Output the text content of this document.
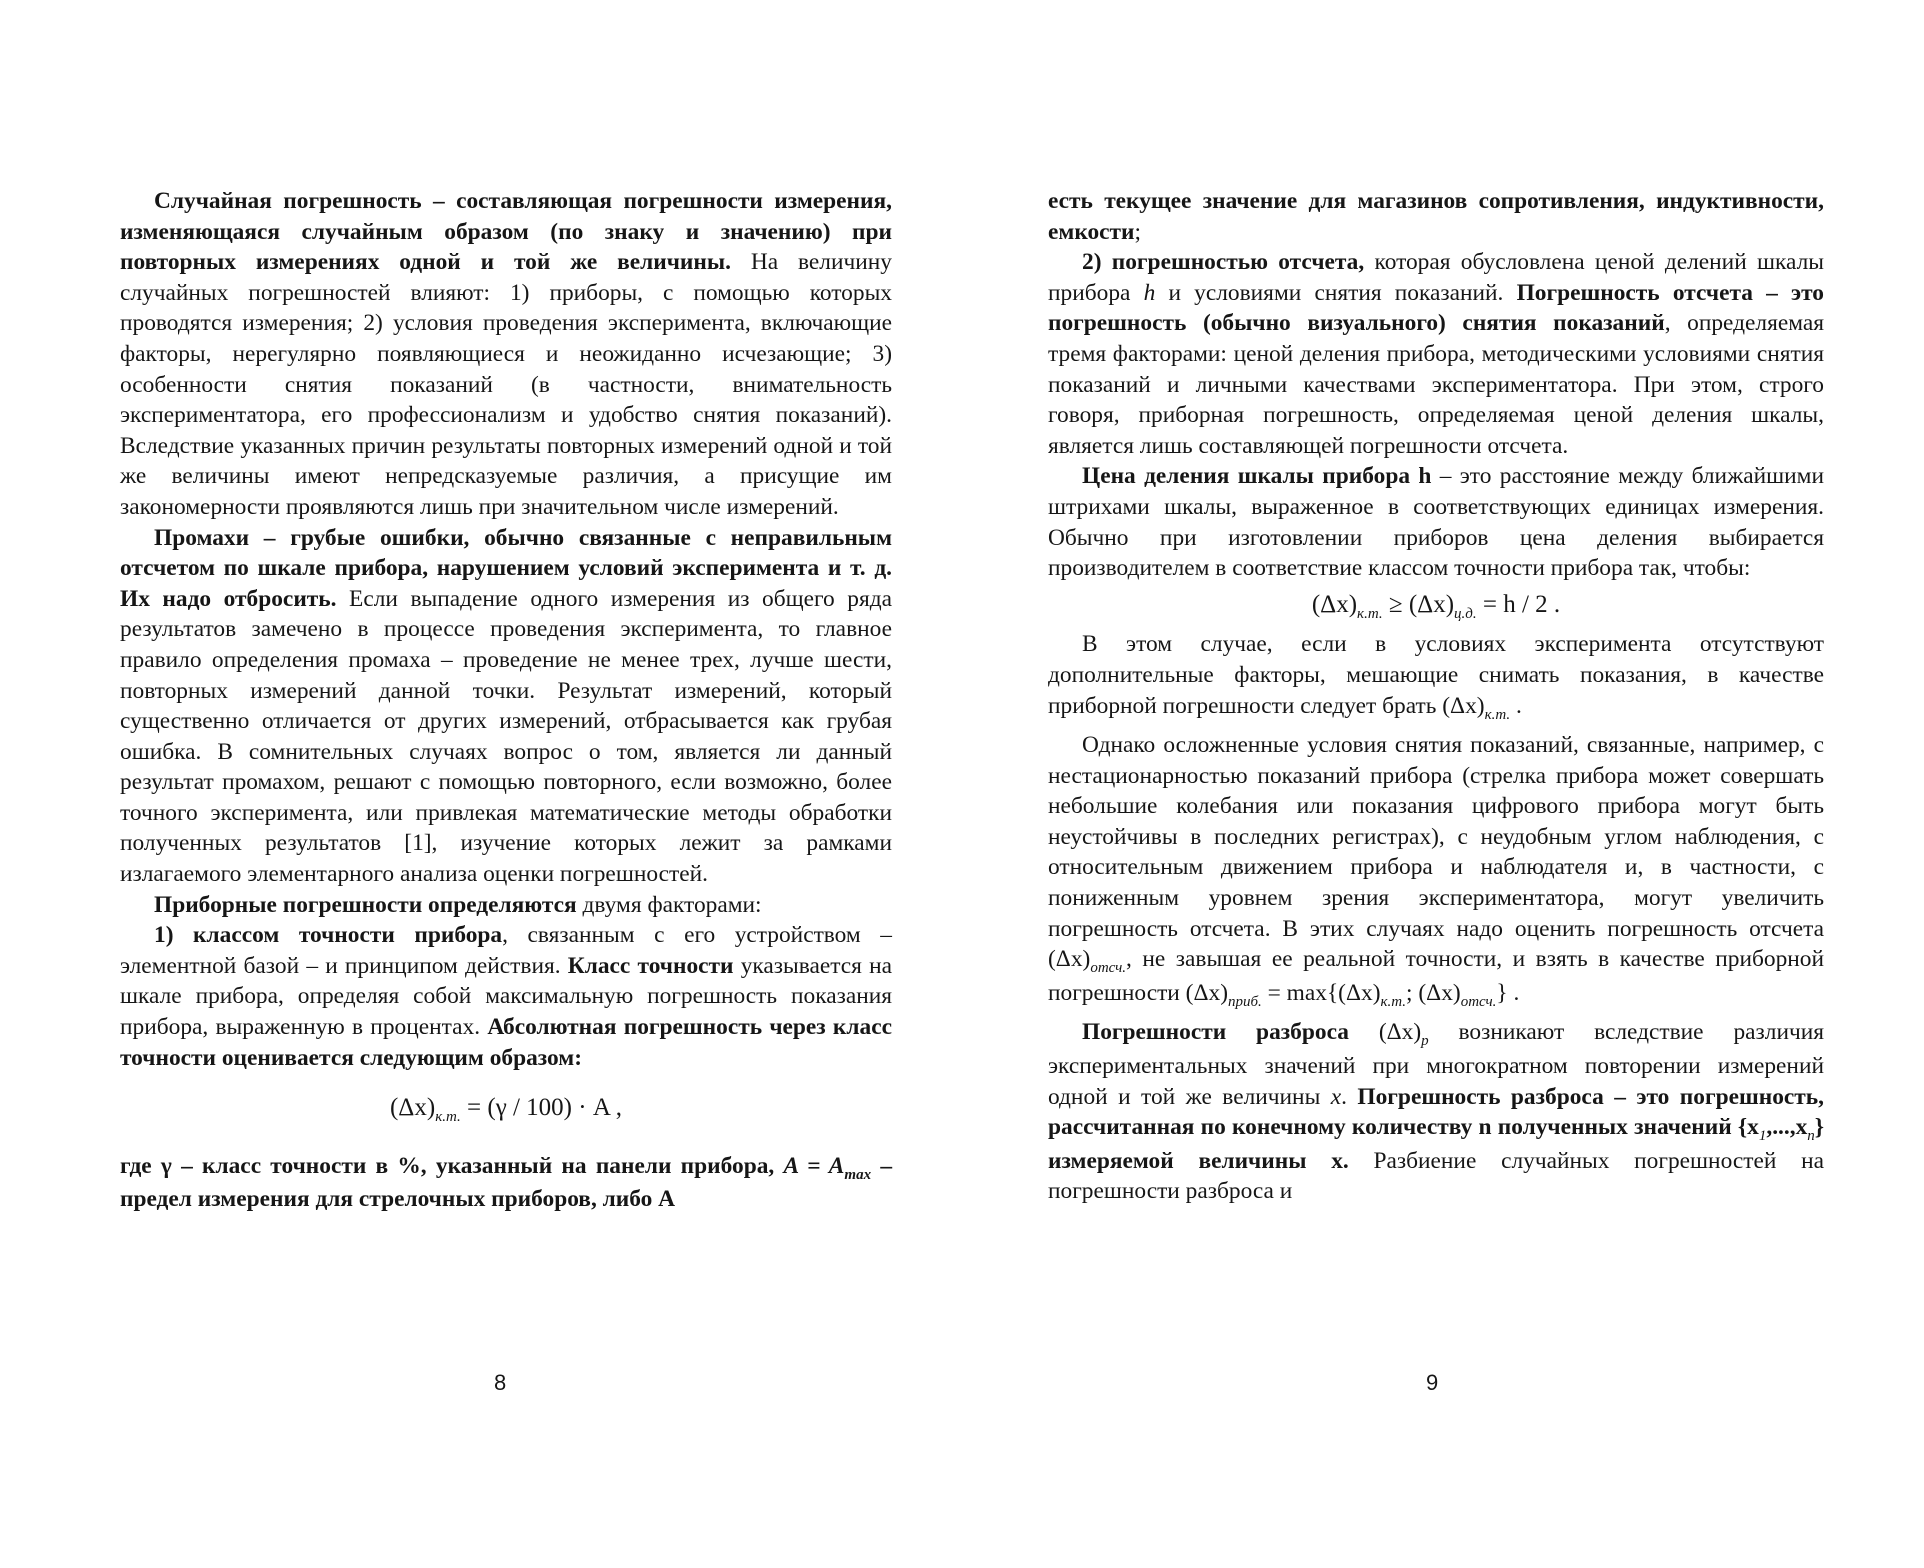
Случайная погрешность – составляющая погрешности измерения, изменяющаяся случайным образом (по знаку и значению) при повторных измерениях одной и той же величины. На величину случайных погрешностей влияют: 1) приборы, с помощью которых проводятся измерения; 2) условия проведения эксперимента, включающие факторы, нерегулярно появляющиеся и неожиданно исчезающие; 3) особенности снятия показаний (в частности, внимательность экспериментатора, его профессионализм и удобство снятия показаний). Вследствие указанных причин результаты повторных измерений одной и той же величины имеют непредсказуемые различия, а присущие им закономерности проявляются лишь при значительном числе измерений.

Промахи – грубые ошибки, обычно связанные с неправильным отсчетом по шкале прибора, нарушением условий эксперимента и т. д. Их надо отбросить. Если выпадение одного измерения из общего ряда результатов замечено в процессе проведения эксперимента, то главное правило определения промаха – проведение не менее трех, лучше шести, повторных измерений данной точки. Результат измерений, который существенно отличается от других измерений, отбрасывается как грубая ошибка. В сомнительных случаях вопрос о том, является ли данный результат промахом, решают с помощью повторного, если возможно, более точного эксперимента, или привлекая математические методы обработки полученных результатов [1], изучение которых лежит за рамками излагаемого элементарного анализа оценки погрешностей.

Приборные погрешности определяются двумя факторами:

1) классом точности прибора, связанным с его устройством – элементной базой – и принципом действия. Класс точности указывается на шкале прибора, определяя собой максимальную погрешность показания прибора, выраженную в процентах. Абсолютная погрешность через класс точности оценивается следующим образом:

$(\Delta x)_{к.т.} = (\gamma / 100) \cdot A$ ,

где γ – класс точности в %, указанный на панели прибора, $A = A_{max}$ – предел измерения для стрелочных приборов, либо A

8

есть текущее значение для магазинов сопротивления, индуктивности, емкости;

2) погрешностью отсчета, которая обусловлена ценой делений шкалы прибора h и условиями снятия показаний. Погрешность отсчета – это погрешность (обычно визуального) снятия показаний, определяемая тремя факторами: ценой деления прибора, методическими условиями снятия показаний и личными качествами экспериментатора. При этом, строго говоря, приборная погрешность, определяемая ценой деления шкалы, является лишь составляющей погрешности отсчета.

Цена деления шкалы прибора h – это расстояние между ближайшими штрихами шкалы, выраженное в соответствующих единицах измерения. Обычно при изготовлении приборов цена деления выбирается производителем в соответствие классом точности прибора так, чтобы:

$(\Delta x)_{к.т.} \ge (\Delta x)_{ц.д.} = h / 2$ .

В этом случае, если в условиях эксперимента отсутствуют дополнительные факторы, мешающие снимать показания, в качестве приборной погрешности следует брать $(\Delta x)_{к.т.}$ .

Однако осложненные условия снятия показаний, связанные, например, с нестационарностью показаний прибора (стрелка прибора может совершать небольшие колебания или показания цифрового прибора могут быть неустойчивы в последних регистрах), с неудобным углом наблюдения, с относительным движением прибора и наблюдателя и, в частности, с пониженным уровнем зрения экспериментатора, могут увеличить погрешность отсчета. В этих случаях надо оценить погрешность отсчета $(\Delta x)_{отсч.}$, не завышая ее реальной точности, и взять в качестве приборной погрешности $(\Delta x)_{приб.} = \max\{(\Delta x)_{к.т.}$; $(\Delta x)_{отсч.}$} .

Погрешности разброса $(\Delta x)_p$ возникают вследствие различия экспериментальных значений при многократном повторении измерений одной и той же величины x. Погрешность разброса – это погрешность, рассчитанная по конечному количеству n полученных значений $\{x_1,...,x_n\}$ измеряемой величины x. Разбиение случайных погрешностей на погрешности разброса и

9
